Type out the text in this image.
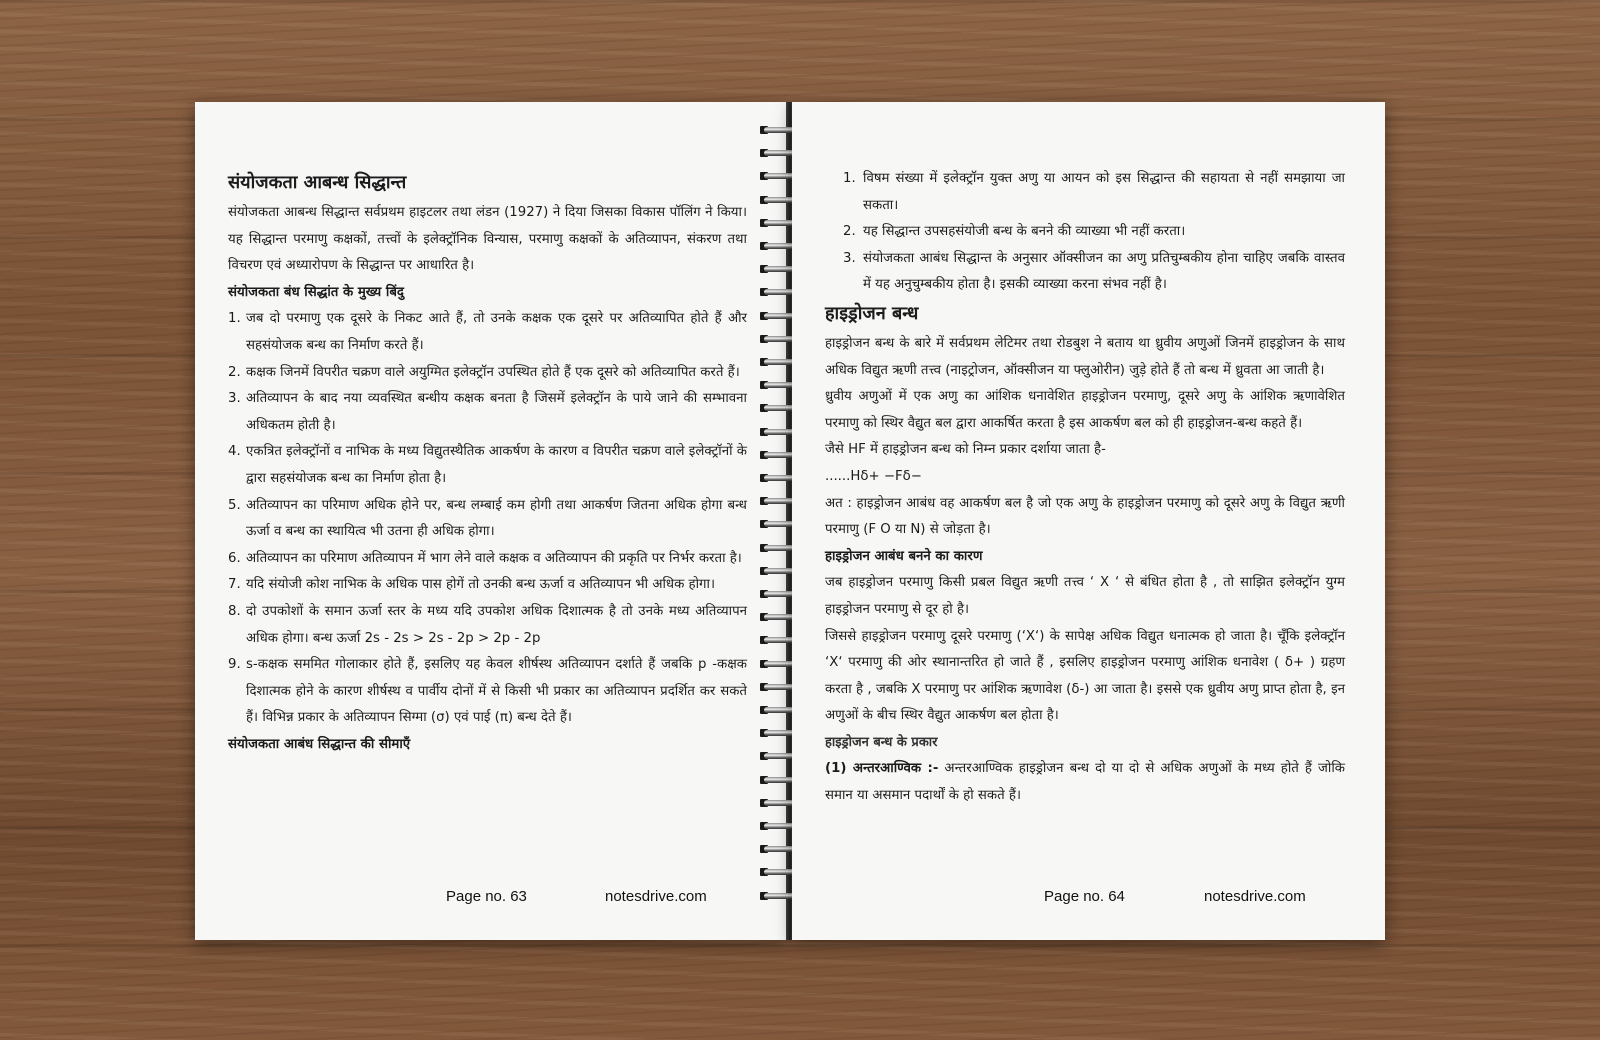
संयोजकता आबन्ध सिद्धान्त

संयोजकता आबन्ध सिद्धान्त सर्वप्रथम हाइटलर तथा लंडन (1927) ने दिया जिसका विकास पॉलिंग ने किया। यह सिद्धान्त परमाणु कक्षकों, तत्त्वों के इलेक्ट्रॉनिक विन्यास, परमाणु कक्षकों के अतिव्यापन, संकरण तथा विचरण एवं अध्यारोपण के सिद्धान्त पर आधारित है।

संयोजकता बंध सिद्धांत के मुख्य बिंदु
1. जब दो परमाणु एक दूसरे के निकट आते हैं, तो उनके कक्षक एक दूसरे पर अतिव्यापित होते हैं और सहसंयोजक बन्ध का निर्माण करते हैं।
2. कक्षक जिनमें विपरीत चक्रण वाले अयुग्मित इलेक्ट्रॉन उपस्थित होते हैं एक दूसरे को अतिव्यापित करते हैं।
3. अतिव्यापन के बाद नया व्यवस्थित बन्धीय कक्षक बनता है जिसमें इलेक्ट्रॉन के पाये जाने की सम्भावना अधिकतम होती है।
4. एकत्रित इलेक्ट्रॉनों व नाभिक के मध्य विद्युतस्थैतिक आकर्षण के कारण व विपरीत चक्रण वाले इलेक्ट्रॉनों के द्वारा सहसंयोजक बन्ध का निर्माण होता है।
5. अतिव्यापन का परिमाण अधिक होने पर, बन्ध लम्बाई कम होगी तथा आकर्षण जितना अधिक होगा बन्ध ऊर्जा व बन्ध का स्थायित्व भी उतना ही अधिक होगा।
6. अतिव्यापन का परिमाण अतिव्यापन में भाग लेने वाले कक्षक व अतिव्यापन की प्रकृति पर निर्भर करता है।
7. यदि संयोजी कोश नाभिक के अधिक पास होगें तो उनकी बन्ध ऊर्जा व अतिव्यापन भी अधिक होगा।
8. दो उपकोशों के समान ऊर्जा स्तर के मध्य यदि उपकोश अधिक दिशात्मक है तो उनके मध्य अतिव्यापन अधिक होगा। बन्ध ऊर्जा 2s - 2s > 2s - 2p > 2p - 2p
9. s-कक्षक सममित गोलाकार होते हैं, इसलिए यह केवल शीर्षस्थ अतिव्यापन दर्शाते हैं जबकि p -कक्षक दिशात्मक होने के कारण शीर्षस्थ व पार्वीय दोनों में से किसी भी प्रकार का अतिव्यापन प्रदर्शित कर सकते हैं। विभिन्न प्रकार के अतिव्यापन सिग्मा (σ) एवं पाई (π) बन्ध देते हैं।
संयोजकता आबंध सिद्धान्त की सीमाएँ
Page no. 63	notesdrive.com
1. विषम संख्या में इलेक्ट्रॉन युक्त अणु या आयन को इस सिद्धान्त की सहायता से नहीं समझाया जा सकता।
2. यह सिद्धान्त उपसहसंयोजी बन्ध के बनने की व्याख्या भी नहीं करता।
3. संयोजकता आबंध सिद्धान्त के अनुसार ऑक्सीजन का अणु प्रतिचुम्बकीय होना चाहिए जबकि वास्तव में यह अनुचुम्बकीय होता है। इसकी व्याख्या करना संभव नहीं है।
हाइड्रोजन बन्ध

हाइड्रोजन बन्ध के बारे में सर्वप्रथम लेटिमर तथा रोडबुश ने बताय था ध्रुवीय अणुओं जिनमें हाइड्रोजन के साथ अधिक विद्युत ऋणी तत्त्व (नाइट्रोजन, ऑक्सीजन या फ्लुओरीन) जुड़े होते हैं तो बन्ध में ध्रुवता आ जाती है।

ध्रुवीय अणुओं में एक अणु का आंशिक धनावेशित हाइड्रोजन परमाणु, दूसरे अणु के आंशिक ऋणावेशित परमाणु को स्थिर वैद्युत बल द्वारा आकर्षित करता है इस आकर्षण बल को ही हाइड्रोजन-बन्ध कहते हैं।

जैसे HF में हाइड्रोजन बन्ध को निम्न प्रकार दर्शाया जाता है-

......Hδ+ −Fδ−

अत : हाइड्रोजन आबंध वह आकर्षण बल है जो एक अणु के हाइड्रोजन परमाणु को दूसरे अणु के विद्युत ऋणी परमाणु (F O या N) से जोड़ता है।

हाइड्रोजन आबंध बनने का कारण

जब हाइड्रोजन परमाणु किसी प्रबल विद्युत ऋणी तत्त्व ‘ X ‘ से बंधित होता है , तो साझित इलेक्ट्रॉन युग्म हाइड्रोजन परमाणु से दूर हो है।

जिससे हाइड्रोजन परमाणु दूसरे परमाणु (‘X‘) के सापेक्ष अधिक विद्युत धनात्मक हो जाता है। चूँकि इलेक्ट्रॉन ‘X‘ परमाणु की ओर स्थानान्तरित हो जाते हैं , इसलिए हाइड्रोजन परमाणु आंशिक धनावेश ( δ+ ) ग्रहण करता है , जबकि X परमाणु पर आंशिक ऋणावेश (δ-) आ जाता है। इससे एक ध्रुवीय अणु प्राप्त होता है, इन अणुओं के बीच स्थिर वैद्युत आकर्षण बल होता है।

हाइड्रोजन बन्ध के प्रकार

(1) अन्तरआण्विक :- अन्तरआण्विक हाइड्रोजन बन्ध दो या दो से अधिक अणुओं के मध्य होते हैं जोकि समान या असमान पदार्थों के हो सकते हैं।

Page no. 64	notesdrive.com
